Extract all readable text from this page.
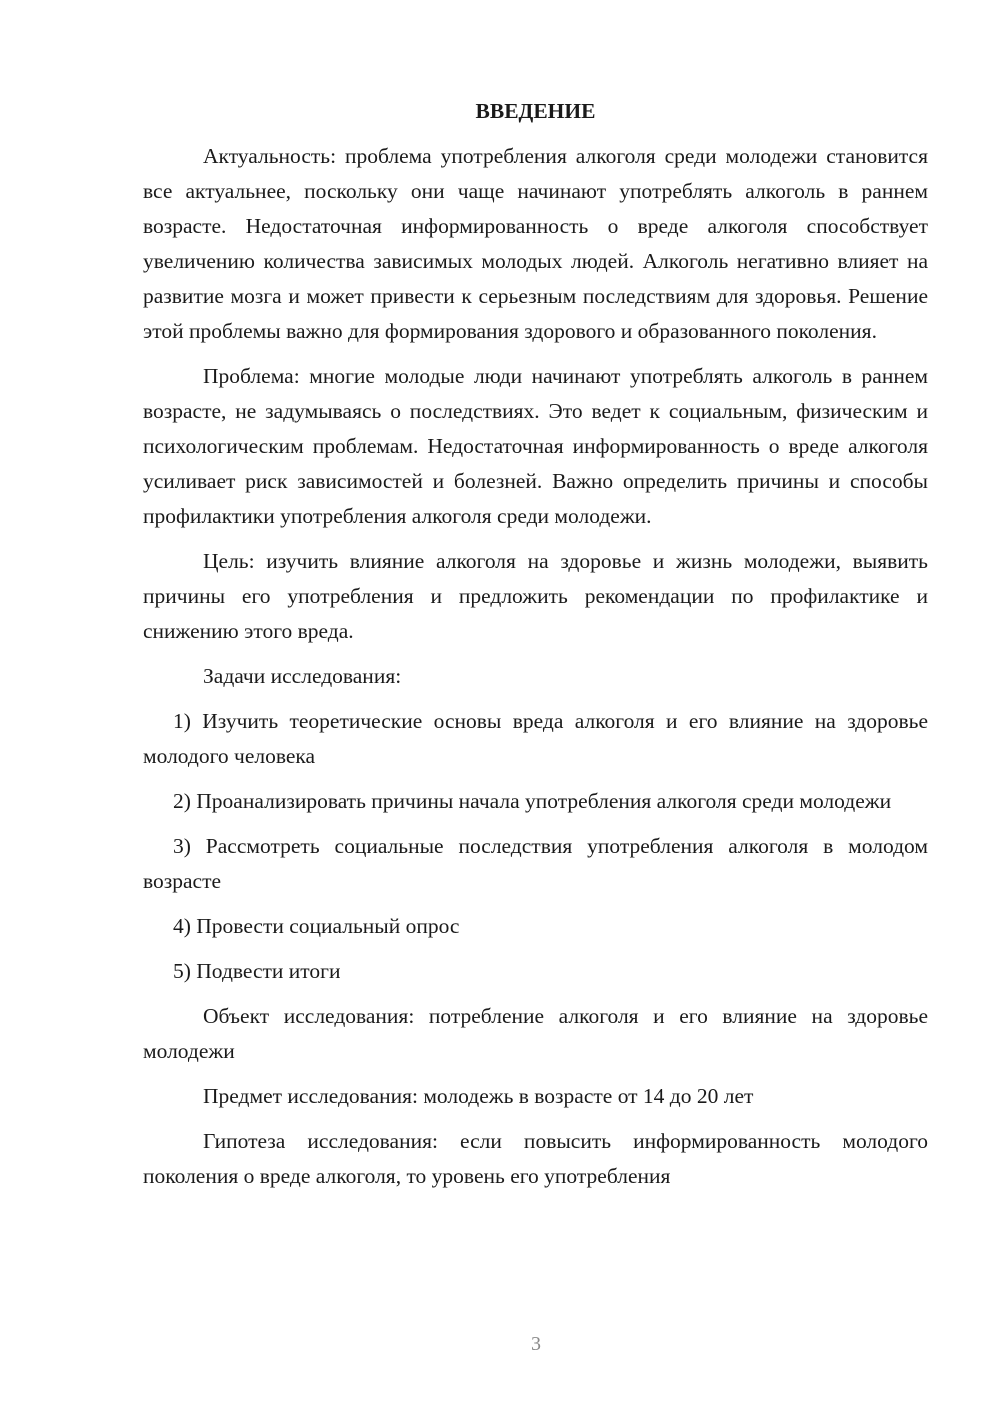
ВВЕДЕНИЕ

Актуальность: проблема употребления алкоголя среди молодежи становится все актуальнее, поскольку они чаще начинают употреблять алкоголь в раннем возрасте. Недостаточная информированность о вреде алкоголя способствует увеличению количества зависимых молодых людей. Алкоголь негативно влияет на развитие мозга и может привести к серьезным последствиям для здоровья. Решение этой проблемы важно для формирования здорового и образованного поколения.

Проблема: многие молодые люди начинают употреблять алкоголь в раннем возрасте, не задумываясь о последствиях. Это ведет к социальным, физическим и психологическим проблемам. Недостаточная информированность о вреде алкоголя усиливает риск зависимостей и болезней. Важно определить причины и способы профилактики употребления алкоголя среди молодежи.

Цель: изучить влияние алкоголя на здоровье и жизнь молодежи, выявить причины его употребления и предложить рекомендации по профилактике и снижению этого вреда.

Задачи исследования:

1) Изучить теоретические основы вреда алкоголя и его влияние на здоровье молодого человека

2) Проанализировать причины начала употребления алкоголя среди молодежи

3) Рассмотреть социальные последствия употребления алкоголя в молодом возрасте

4) Провести социальный опрос

5) Подвести итоги

Объект исследования: потребление алкоголя и его влияние на здоровье молодежи

Предмет исследования: молодежь в возрасте от 14 до 20 лет

Гипотеза исследования: если повысить информированность молодого поколения о вреде алкоголя, то уровень его употребления

3
